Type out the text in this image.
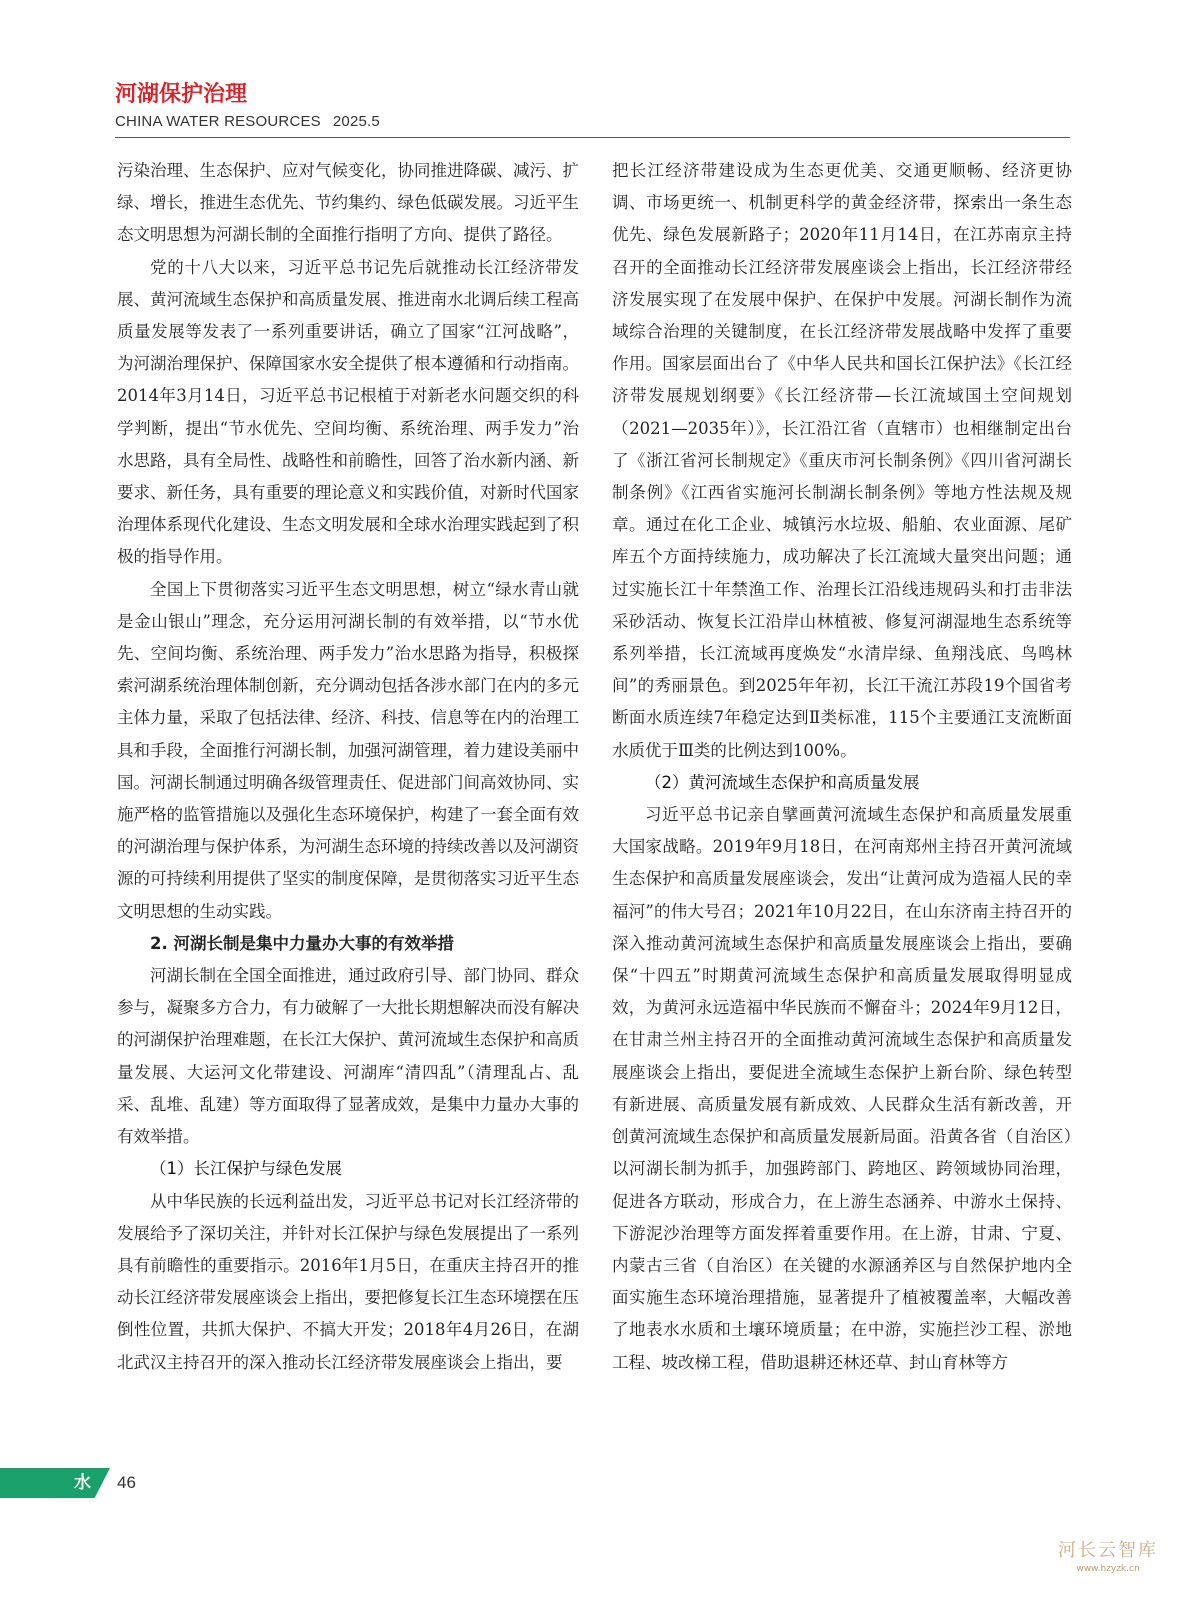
河湖保护治理
CHINA WATER RESOURCES 2025.5

污染治理、生态保护、应对气候变化，协同推进降碳、减污、扩绿、增长，推进生态优先、节约集约、绿色低碳发展。习近平生态文明思想为河湖长制的全面推行指明了方向、提供了路径。

党的十八大以来，习近平总书记先后就推动长江经济带发展、黄河流域生态保护和高质量发展、推进南水北调后续工程高质量发展等发表了一系列重要讲话，确立了国家“江河战略”，为河湖治理保护、保障国家水安全提供了根本遵循和行动指南。2014年3月14日，习近平总书记根植于对新老水问题交织的科学判断，提出“节水优先、空间均衡、系统治理、两手发力”治水思路，具有全局性、战略性和前瞻性，回答了治水新内涵、新要求、新任务，具有重要的理论意义和实践价值，对新时代国家治理体系现代化建设、生态文明发展和全球水治理实践起到了积极的指导作用。

全国上下贯彻落实习近平生态文明思想，树立“绿水青山就是金山银山”理念，充分运用河湖长制的有效举措，以“节水优先、空间均衡、系统治理、两手发力”治水思路为指导，积极探索河湖系统治理体制创新，充分调动包括各涉水部门在内的多元主体力量，采取了包括法律、经济、科技、信息等在内的治理工具和手段，全面推行河湖长制，加强河湖管理，着力建设美丽中国。河湖长制通过明确各级管理责任、促进部门间高效协同、实施严格的监管措施以及强化生态环境保护，构建了一套全面有效的河湖治理与保护体系，为河湖生态环境的持续改善以及河湖资源的可持续利用提供了坚实的制度保障，是贯彻落实习近平生态文明思想的生动实践。

2. 河湖长制是集中力量办大事的有效举措

河湖长制在全国全面推进，通过政府引导、部门协同、群众参与，凝聚多方合力，有力破解了一大批长期想解决而没有解决的河湖保护治理难题，在长江大保护、黄河流域生态保护和高质量发展、大运河文化带建设、河湖库“清四乱”（清理乱占、乱采、乱堆、乱建）等方面取得了显著成效，是集中力量办大事的有效举措。

（1）长江保护与绿色发展

从中华民族的长远利益出发，习近平总书记对长江经济带的发展给予了深切关注，并针对长江保护与绿色发展提出了一系列具有前瞻性的重要指示。2016年1月5日，在重庆主持召开的推动长江经济带发展座谈会上指出，要把修复长江生态环境摆在压倒性位置，共抓大保护、不搞大开发；2018年4月26日，在湖北武汉主持召开的深入推动长江经济带发展座谈会上指出，要

把长江经济带建设成为生态更优美、交通更顺畅、经济更协调、市场更统一、机制更科学的黄金经济带，探索出一条生态优先、绿色发展新路子；2020年11月14日，在江苏南京主持召开的全面推动长江经济带发展座谈会上指出，长江经济带经济发展实现了在发展中保护、在保护中发展。河湖长制作为流域综合治理的关键制度，在长江经济带发展战略中发挥了重要作用。国家层面出台了《中华人民共和国长江保护法》《长江经济带发展规划纲要》《长江经济带—长江流域国土空间规划（2021—2035年）》，长江沿江省（直辖市）也相继制定出台了《浙江省河长制规定》《重庆市河长制条例》《四川省河湖长制条例》《江西省实施河长制湖长制条例》等地方性法规及规章。通过在化工企业、城镇污水垃圾、船舶、农业面源、尾矿库五个方面持续施力，成功解决了长江流域大量突出问题；通过实施长江十年禁渔工作、治理长江沿线违规码头和打击非法采砂活动、恢复长江沿岸山林植被、修复河湖湿地生态系统等系列举措，长江流域再度焕发“水清岸绿、鱼翔浅底、鸟鸣林间”的秀丽景色。到2025年年初，长江干流江苏段19个国省考断面水质连续7年稳定达到Ⅱ类标准，115个主要通江支流断面水质优于Ⅲ类的比例达到100%。

（2）黄河流域生态保护和高质量发展

习近平总书记亲自擘画黄河流域生态保护和高质量发展重大国家战略。2019年9月18日，在河南郑州主持召开黄河流域生态保护和高质量发展座谈会，发出“让黄河成为造福人民的幸福河”的伟大号召；2021年10月22日，在山东济南主持召开的深入推动黄河流域生态保护和高质量发展座谈会上指出，要确保“十四五”时期黄河流域生态保护和高质量发展取得明显成效，为黄河永远造福中华民族而不懈奋斗；2024年9月12日，在甘肃兰州主持召开的全面推动黄河流域生态保护和高质量发展座谈会上指出，要促进全流域生态保护上新台阶、绿色转型有新进展、高质量发展有新成效、人民群众生活有新改善，开创黄河流域生态保护和高质量发展新局面。沿黄各省（自治区）以河湖长制为抓手，加强跨部门、跨地区、跨领域协同治理，促进各方联动，形成合力，在上游生态涵养、中游水土保持、下游泥沙治理等方面发挥着重要作用。在上游，甘肃、宁夏、内蒙古三省（自治区）在关键的水源涵养区与自然保护地内全面实施生态环境治理措施，显著提升了植被覆盖率，大幅改善了地表水水质和土壤环境质量；在中游，实施拦沙工程、淤地工程、坡改梯工程，借助退耕还林还草、封山育林等方

水 46
河长云智库
www.hzyzk.cn
